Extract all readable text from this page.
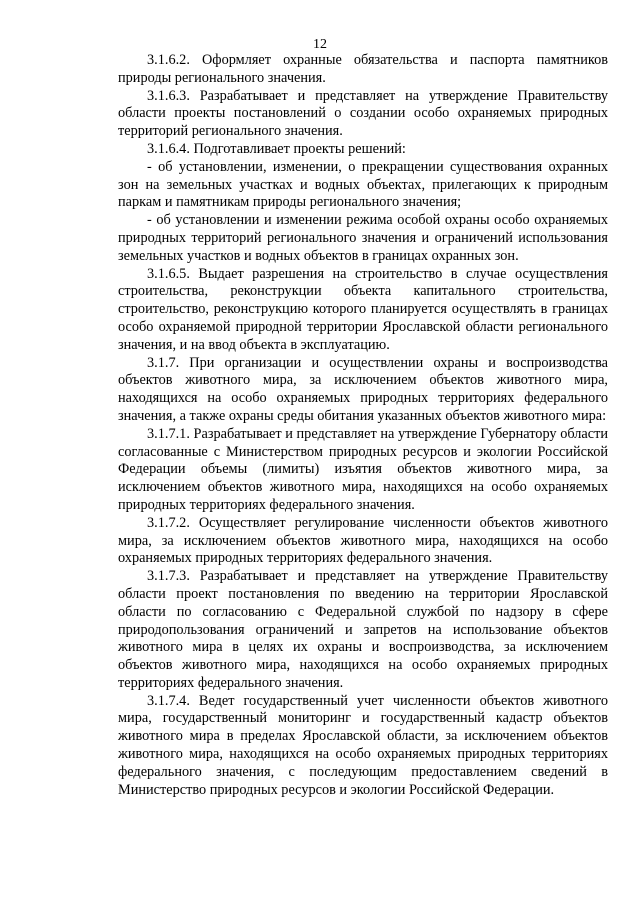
12

3.1.6.2. Оформляет охранные обязательства и паспорта памятников природы регионального значения.

3.1.6.3. Разрабатывает и представляет на утверждение Правительству области проекты постановлений о создании особо охраняемых природных территорий регионального значения.

3.1.6.4. Подготавливает проекты решений:

- об установлении, изменении, о прекращении существования охранных зон на земельных участках и водных объектах, прилегающих к природным паркам и памятникам природы регионального значения;

- об установлении и изменении режима особой охраны особо охраняемых природных территорий регионального значения и ограничений использования земельных участков и водных объектов в границах охранных зон.

3.1.6.5. Выдает разрешения на строительство в случае осуществления строительства, реконструкции объекта капитального строительства, строительство, реконструкцию которого планируется осуществлять в границах особо охраняемой природной территории Ярославской области регионального значения, и на ввод объекта в эксплуатацию.

3.1.7. При организации и осуществлении охраны и воспроизводства объектов животного мира, за исключением объектов животного мира, находящихся на особо охраняемых природных территориях федерального значения, а также охраны среды обитания указанных объектов животного мира:

3.1.7.1. Разрабатывает и представляет на утверждение Губернатору области согласованные с Министерством природных ресурсов и экологии Российской Федерации объемы (лимиты) изъятия объектов животного мира, за исключением объектов животного мира, находящихся на особо охраняемых природных территориях федерального значения.

3.1.7.2. Осуществляет регулирование численности объектов животного мира, за исключением объектов животного мира, находящихся на особо охраняемых природных территориях федерального значения.

3.1.7.3. Разрабатывает и представляет на утверждение Правительству области проект постановления по введению на территории Ярославской области по согласованию с Федеральной службой по надзору в сфере природопользования ограничений и запретов на использование объектов животного мира в целях их охраны и воспроизводства, за исключением объектов животного мира, находящихся на особо охраняемых природных территориях федерального значения.

3.1.7.4. Ведет государственный учет численности объектов животного мира, государственный мониторинг и государственный кадастр объектов животного мира в пределах Ярославской области, за исключением объектов животного мира, находящихся на особо охраняемых природных территориях федерального значения, с последующим предоставлением сведений в Министерство природных ресурсов и экологии Российской Федерации.
